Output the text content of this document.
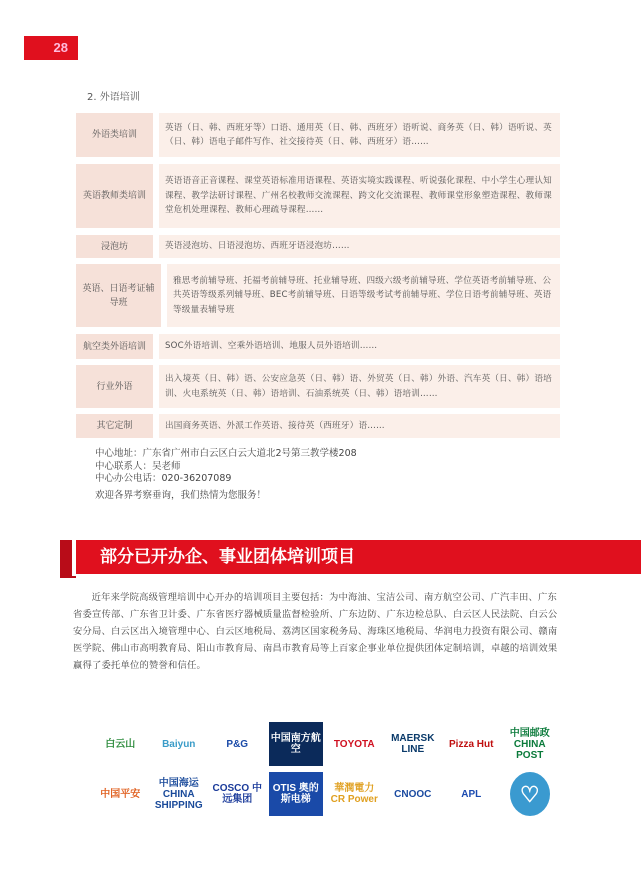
28
2. 外语培训
外语类培训
英语（日、韩、西班牙等）口语、通用英（日、韩、西班牙）语听说、商务英（日、韩）语听说、英（日、韩）语电子邮件写作、社交接待英（日、韩、西班牙）语……
英语教师类培训
英语语音正音课程、课堂英语标准用语课程、英语实境实践课程、听说强化课程、中小学生心理认知课程、教学法研讨课程、广州名校教师交流课程、跨文化交流课程、教师课堂形象塑造课程、教师课堂危机处理课程、教师心理疏导课程……
浸泡坊	英语浸泡坊、日语浸泡坊、西班牙语浸泡坊……
英语、日语考证辅导班
雅思考前辅导班、托福考前辅导班、托业辅导班、四级六级考前辅导班、学位英语考前辅导班、公共英语等级系列辅导班、BEC考前辅导班、日语等级考试考前辅导班、学位日语考前辅导班、英语等级量表辅导班
航空类外语培训	SOC外语培训、空乘外语培训、地服人员外语培训……
行业外语
出入境英（日、韩）语、公安应急英（日、韩）语、外贸英（日、韩）外语、汽车英（日、韩）语培训、火电系统英（日、韩）语培训、石油系统英（日、韩）语培训……
其它定制	出国商务英语、外派工作英语、接待英（西班牙）语……
中心地址：广东省广州市白云区白云大道北2号第三教学楼208
中心联系人：吴老师
中心办公电话：020-36207089
欢迎各界考察垂询，我们热情为您服务！
部分已开办企、事业团体培训项目
近年来学院高级管理培训中心开办的培训项目主要包括：为中海油、宝洁公司、南方航空公司、广汽丰田、广东省委宣传部、广东省卫计委、广东省医疗器械质量监督检验所、广东边防、广东边检总队、白云区人民法院、白云公安分局、白云区出入境管理中心、白云区地税局、荔湾区国家税务局、海珠区地税局、华润电力投资有限公司、赣南医学院、佛山市高明教育局、阳山市教育局、南昌市教育局等上百家企事业单位提供团体定制培训，卓越的培训效果赢得了委托单位的赞誉和信任。
白云山	Baiyun	P&G	中国南方航空	TOYOTA	MAERSK LINE	Pizza Hut
中国邮政 CHINA POST
中国平安
中国海运 CHINA SHIPPING
COSCO 中远集团
OTIS 奥的斯电梯
華潤電力 CR Power	CNOOC	APL	♡
